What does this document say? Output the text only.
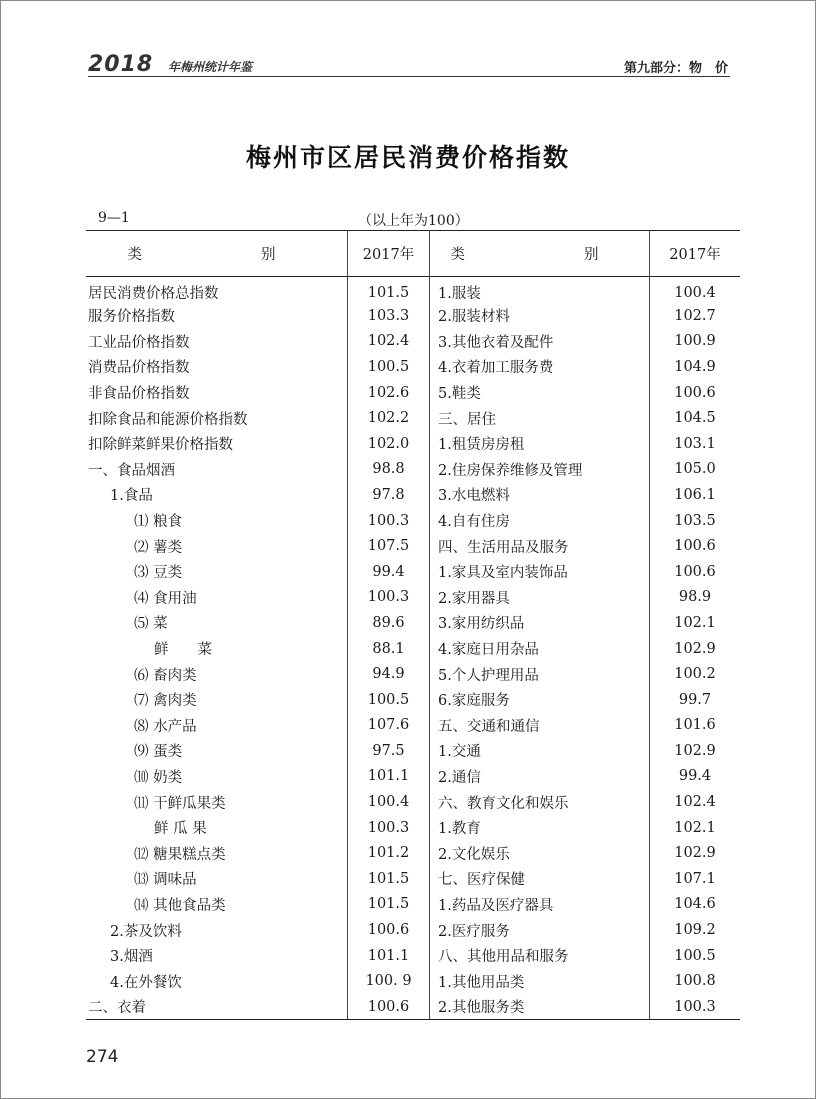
2018 年梅州统计年鉴	第九部分：物　价
梅州市区居民消费价格指数
9—1	（以上年为100）
类　　别	2017年	类　　别	2017年
居民消费价格总指数	101.5	1.服装	100.4
服务价格指数	103.3	2.服装材料	102.7
工业品价格指数	102.4	3.其他衣着及配件	100.9
消费品价格指数	100.5	4.衣着加工服务费	104.9
非食品价格指数	102.6	5.鞋类	100.6
扣除食品和能源价格指数	102.2	三、居住	104.5
扣除鲜菜鲜果价格指数	102.0	1.租赁房房租	103.1
一、食品烟酒	98.8	2.住房保养维修及管理	105.0
1.食品	97.8	3.水电燃料	106.1
⑴ 粮食	100.3	4.自有住房	103.5
⑵ 薯类	107.5	四、生活用品及服务	100.6
⑶ 豆类	99.4	1.家具及室内装饰品	100.6
⑷ 食用油	100.3	2.家用器具	98.9
⑸ 菜	89.6	3.家用纺织品	102.1
鲜　　菜	88.1	4.家庭日用杂品	102.9
⑹ 畜肉类	94.9	5.个人护理用品	100.2
⑺ 禽肉类	100.5	6.家庭服务	99.7
⑻ 水产品	107.6	五、交通和通信	101.6
⑼ 蛋类	97.5	1.交通	102.9
⑽ 奶类	101.1	2.通信	99.4
⑾ 干鲜瓜果类	100.4	六、教育文化和娱乐	102.4
鲜 瓜 果	100.3	1.教育	102.1
⑿ 糖果糕点类	101.2	2.文化娱乐	102.9
⒀ 调味品	101.5	七、医疗保健	107.1
⒁ 其他食品类	101.5	1.药品及医疗器具	104.6
2.茶及饮料	100.6	2.医疗服务	109.2
3.烟酒	101.1	八、其他用品和服务	100.5
4.在外餐饮	100. 9	1.其他用品类	100.8
二、衣着	100.6	2.其他服务类	100.3
274
